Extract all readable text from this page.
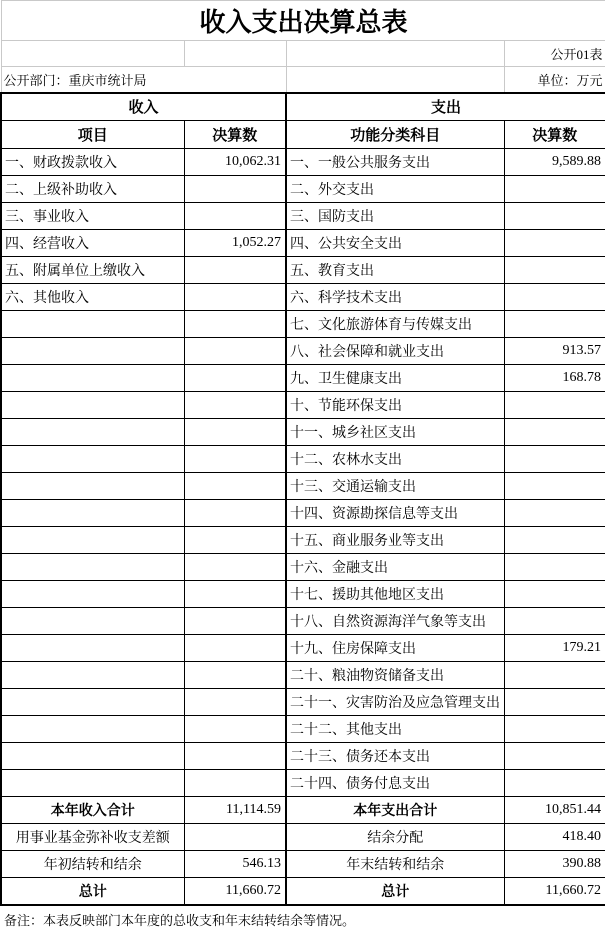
收入支出决算总表			
			公开01表
公开部门：重庆市统计局			单位：万元
收入		支出	
项目	决算数	功能分类科目	决算数
一、财政拨款收入	10,062.31	一、一般公共服务支出	9,589.88
二、上级补助收入		二、外交支出	
三、事业收入		三、国防支出	
四、经营收入	1,052.27	四、公共安全支出	
五、附属单位上缴收入		五、教育支出	
六、其他收入		六、科学技术支出	
		七、文化旅游体育与传媒支出	
		八、社会保障和就业支出	913.57
		九、卫生健康支出	168.78
		十、节能环保支出	
		十一、城乡社区支出	
		十二、农林水支出	
		十三、交通运输支出	
		十四、资源勘探信息等支出	
		十五、商业服务业等支出	
		十六、金融支出	
		十七、援助其他地区支出	
		十八、自然资源海洋气象等支出	
		十九、住房保障支出	179.21
		二十、粮油物资储备支出	
		二十一、灾害防治及应急管理支出	
		二十二、其他支出	
		二十三、债务还本支出	
		二十四、债务付息支出	
本年收入合计	11,114.59	本年支出合计	10,851.44
用事业基金弥补收支差额		结余分配	418.40
年初结转和结余	546.13	年末结转和结余	390.88
总计	11,660.72	总计	11,660.72
备注：本表反映部门本年度的总收支和年末结转结余等情况。			
